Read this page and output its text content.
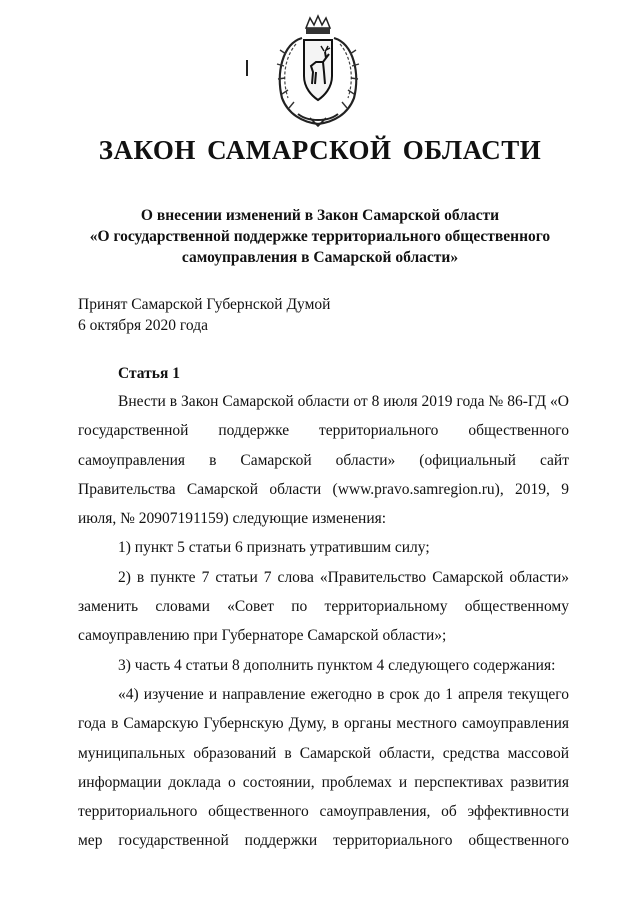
ЗАКОН САМАРСКОЙ ОБЛАСТИ
О внесении изменений в Закон Самарской области
«О государственной поддержке территориального общественного
самоуправления в Самарской области»
Принят Самарской Губернской Думой
6 октября 2020 года
Статья 1

Внести в Закон Самарской области от 8 июля 2019 года № 86-ГД «О государственной поддержке территориального общественного самоуправления в Самарской области» (официальный сайт Правительства Самарской области (www.pravo.samregion.ru), 2019, 9 июля, № 20907191159) следующие изменения:

1) пункт 5 статьи 6 признать утратившим силу;

2) в пункте 7 статьи 7 слова «Правительство Самарской области» заменить словами «Совет по территориальному общественному самоуправлению при Губернаторе Самарской области»;

3) часть 4 статьи 8 дополнить пунктом 4 следующего содержания:

«4) изучение и направление ежегодно в срок до 1 апреля текущего года в Самарскую Губернскую Думу, в органы местного самоуправления муниципальных образований в Самарской области, средства массовой информации доклада о состоянии, проблемах и перспективах развития территориального общественного самоуправления, об эффективности мер государственной поддержки территориального общественного
